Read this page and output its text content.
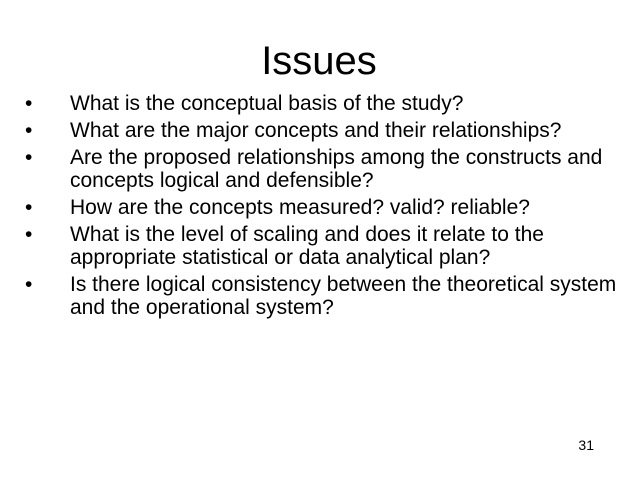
Issues
• What is the conceptual basis of the study?
• What are the major concepts and their relationships?
• Are the proposed relationships among the constructs and concepts logical and defensible?
• How are the concepts measured? valid? reliable?
• What is the level of scaling and does it relate to the appropriate statistical or data analytical plan?
• Is there logical consistency between the theoretical system and the operational system?
31
